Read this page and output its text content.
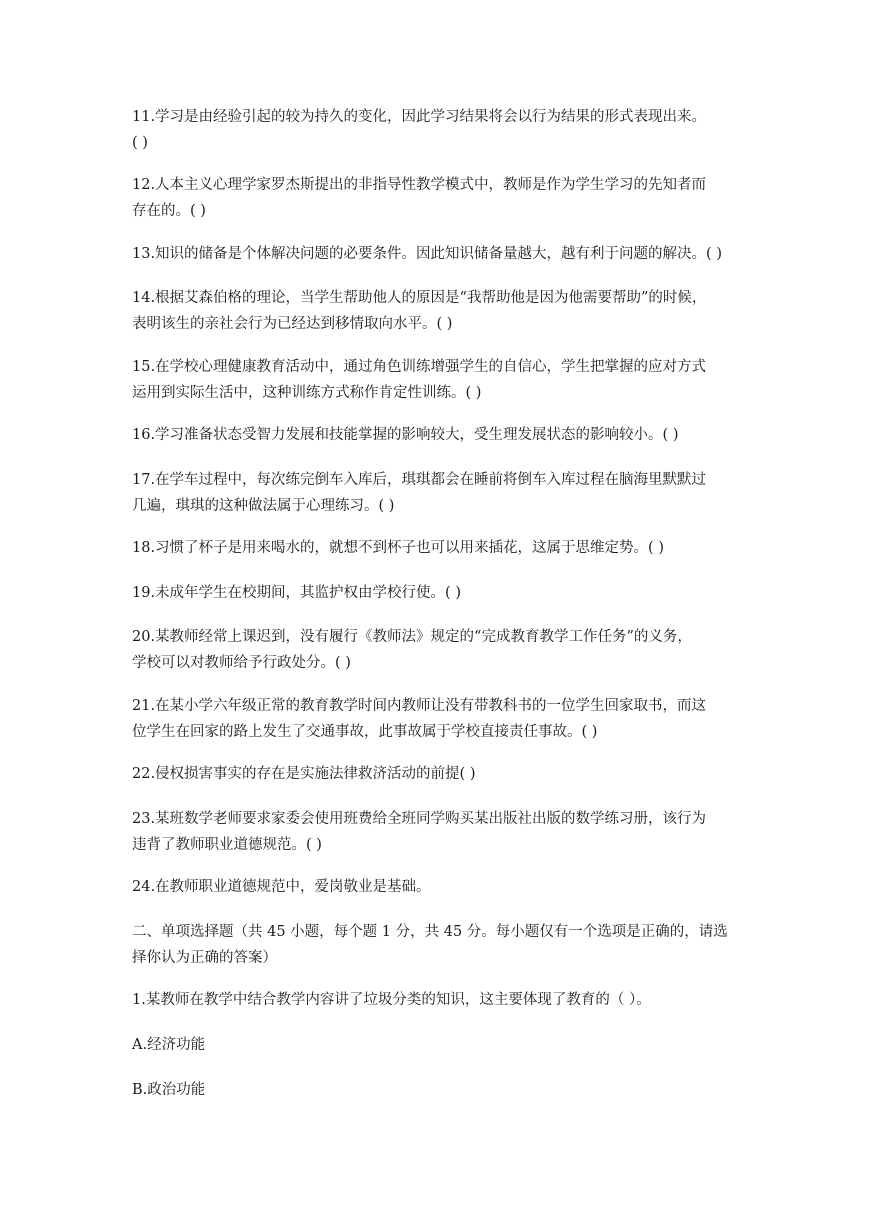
11.学习是由经验引起的较为持久的变化，因此学习结果将会以行为结果的形式表现出来。
( )

12.人本主义心理学家罗杰斯提出的非指导性教学模式中，教师是作为学生学习的先知者而
存在的。( )

13.知识的储备是个体解决问题的必要条件。因此知识储备量越大，越有利于问题的解决。( )

14.根据艾森伯格的理论，当学生帮助他人的原因是“我帮助他是因为他需要帮助”的时候，
表明该生的亲社会行为已经达到移情取向水平。( )

15.在学校心理健康教育活动中，通过角色训练增强学生的自信心，学生把掌握的应对方式
运用到实际生活中，这种训练方式称作肯定性训练。( )

16.学习准备状态受智力发展和技能掌握的影响较大，受生理发展状态的影响较小。( )

17.在学车过程中，每次练完倒车入库后，琪琪都会在睡前将倒车入库过程在脑海里默默过
几遍，琪琪的这种做法属于心理练习。( )

18.习惯了杯子是用来喝水的，就想不到杯子也可以用来插花，这属于思维定势。( )

19.未成年学生在校期间，其监护权由学校行使。( )

20.某教师经常上课迟到，没有履行《教师法》规定的“完成教育教学工作任务”的义务，
学校可以对教师给予行政处分。( )

21.在某小学六年级正常的教育教学时间内教师让没有带教科书的一位学生回家取书，而这
位学生在回家的路上发生了交通事故，此事故属于学校直接责任事故。( )

22.侵权损害事实的存在是实施法律救济活动的前提( )

23.某班数学老师要求家委会使用班费给全班同学购买某出版社出版的数学练习册，该行为
违背了教师职业道德规范。( )

24.在教师职业道德规范中，爱岗敬业是基础。

二、单项选择题（共 45 小题，每个题 1 分，共 45 分。每小题仅有一个选项是正确的，请选
择你认为正确的答案）

1.某教师在教学中结合教学内容讲了垃圾分类的知识，这主要体现了教育的（ ）。

A.经济功能

B.政治功能
